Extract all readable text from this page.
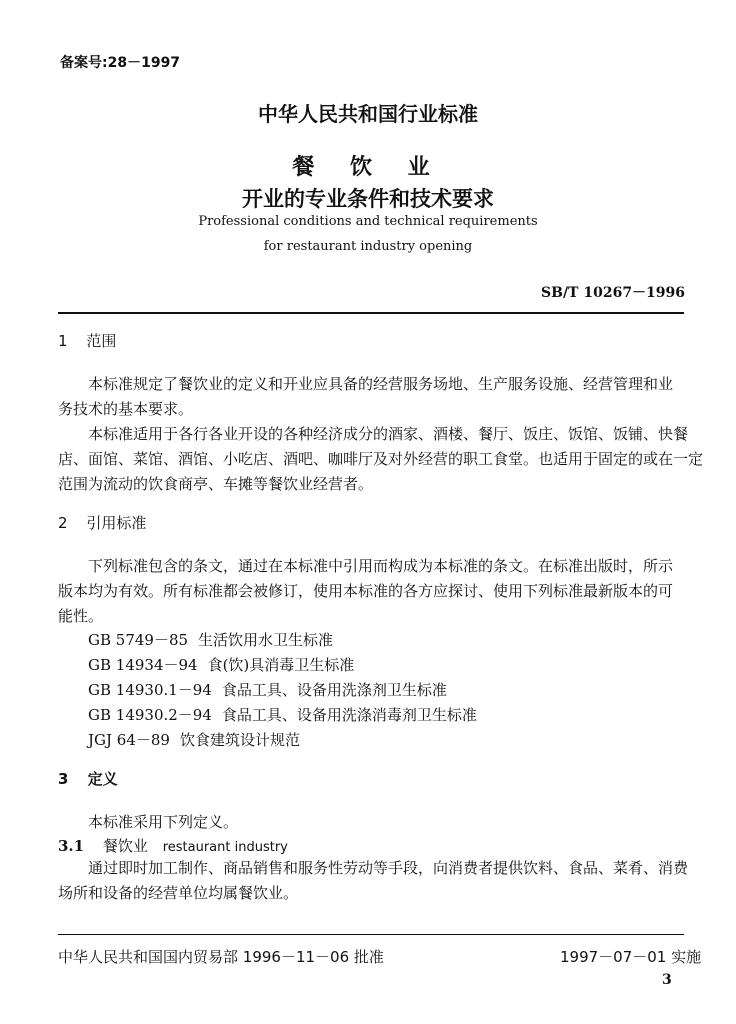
备案号:28－1997
中华人民共和国行业标准
餐 饮 业
开业的专业条件和技术要求
Professional conditions and technical requirements
for restaurant industry opening
SB/T 10267－1996
1 范围
本标准规定了餐饮业的定义和开业应具备的经营服务场地、生产服务设施、经营管理和业
务技术的基本要求。
本标准适用于各行各业开设的各种经济成分的酒家、酒楼、餐厅、饭庄、饭馆、饭铺、快餐
店、面馆、菜馆、酒馆、小吃店、酒吧、咖啡厅及对外经营的职工食堂。也适用于固定的或在一定
范围为流动的饮食商亭、车摊等餐饮业经营者。
2 引用标准
下列标准包含的条文，通过在本标准中引用而构成为本标准的条文。在标准出版时，所示
版本均为有效。所有标准都会被修订，使用本标准的各方应探讨、使用下列标准最新版本的可
能性。
GB 5749－85 生活饮用水卫生标准
GB 14934－94 食(饮)具消毒卫生标准
GB 14930.1－94 食品工具、设备用洗涤剂卫生标准
GB 14930.2－94 食品工具、设备用洗涤消毒剂卫生标准
JGJ 64－89 饮食建筑设计规范
3 定义
本标准采用下列定义。
3.1 餐饮业 restaurant industry
通过即时加工制作、商品销售和服务性劳动等手段，向消费者提供饮料、食品、菜肴、消费
场所和设备的经营单位均属餐饮业。
中华人民共和国国内贸易部 1996－11－06 批准	1997－07－01 实施
3
